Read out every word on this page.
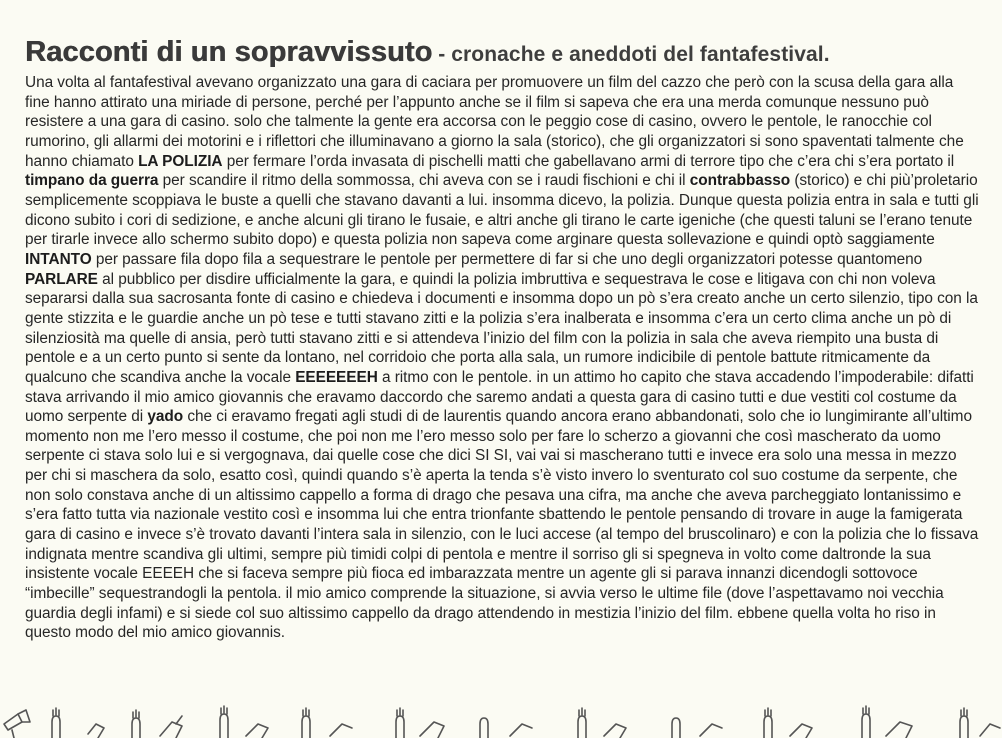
Racconti di un sopravvissuto - cronache e aneddoti del fantafestival.
Una volta al fantafestival avevano organizzato una gara di caciara per promuovere un film del cazzo che però con la scusa della gara alla fine hanno attirato una miriade di persone, perché per l’appunto anche se il film si sapeva che era una merda comunque nessuno può resistere a una gara di casino. solo che talmente la gente era accorsa con le peggio cose di casino, ovvero le pentole, le ranocchie col rumorino, gli allarmi dei motorini e i riflettori che illuminavano a giorno la sala (storico), che gli organizzatori si sono spaventati talmente che hanno chiamato LA POLIZIA per fermare l’orda invasata di pischelli matti che gabellavano armi di terrore tipo che c’era chi s’era portato il timpano da guerra per scandire il ritmo della sommossa, chi aveva con se i raudi fischioni e chi il contrabbasso (storico) e chi più’proletario semplicemente scoppiava le buste a quelli che stavano davanti a lui. insomma dicevo, la polizia. Dunque questa polizia entra in sala e tutti gli dicono subito i cori di sedizione, e anche alcuni gli tirano le fusaie, e altri anche gli tirano le carte igeniche (che questi taluni se l’erano tenute per tirarle invece allo schermo subito dopo) e questa polizia non sapeva come arginare questa sollevazione e quindi optò saggiamente INTANTO per passare fila dopo fila a sequestrare le pentole per permettere di far si che uno degli organizzatori potesse quantomeno PARLARE al pubblico per disdire ufficialmente la gara, e quindi la polizia imbruttiva e sequestrava le cose e litigava con chi non voleva separarsi dalla sua sacrosanta fonte di casino e chiedeva i documenti e insomma dopo un pò s’era creato anche un certo silenzio, tipo con la gente stizzita e le guardie anche un pò tese e tutti stavano zitti e la polizia s’era inalberata e insomma c’era un certo clima anche un pò di silenziosità ma quelle di ansia, però tutti stavano zitti e si attendeva l’inizio del film con la polizia in sala che aveva riempito una busta di pentole e a un certo punto si sente da lontano, nel corridoio che porta alla sala, un rumore indicibile di pentole battute ritmicamente da qualcuno che scandiva anche la vocale EEEEEEEH a ritmo con le pentole. in un attimo ho capito che stava accadendo l’impoderabile: difatti stava arrivando il mio amico giovannis che eravamo daccordo che saremo andati a questa gara di casino tutti e due vestiti col costume da uomo serpente di yado che ci eravamo fregati agli studi di de laurentis quando ancora erano abbandonati, solo che io lungimirante all’ultimo momento non me l’ero messo il costume, che poi non me l’ero messo solo per fare lo scherzo a giovanni che così mascherato da uomo serpente ci stava solo lui e si vergognava, dai quelle cose che dici SI SI, vai vai si mascherano tutti e invece era solo una messa in mezzo per chi si maschera da solo, esatto così, quindi quando s’è aperta la tenda s’è visto invero lo sventurato col suo costume da serpente, che non solo constava anche di un altissimo cappello a forma di drago che pesava una cifra, ma anche che aveva parcheggiato lontanissimo e s’era fatto tutta via nazionale vestito così e insomma lui che entra trionfante sbattendo le pentole pensando di trovare in auge la famigerata gara di casino e invece s’è trovato davanti l’intera sala in silenzio, con le luci accese (al tempo del bruscolinaro) e con la polizia che lo fissava indignata mentre scandiva gli ultimi, sempre più timidi colpi di pentola e mentre il sorriso gli si spegneva in volto come daltronde la sua insistente vocale EEEEH che si faceva sempre più fioca ed imbarazzata mentre un agente gli si parava innanzi dicendogli sottovoce “imbecille” sequestrandogli la pentola. il mio amico comprende la situazione, si avvia verso le ultime file (dove l’aspettavamo noi vecchia guardia degli infami) e si siede col suo altissimo cappello da drago attendendo in mestizia l’inizio del film. ebbene quella volta ho riso in questo modo del mio amico giovannis.
